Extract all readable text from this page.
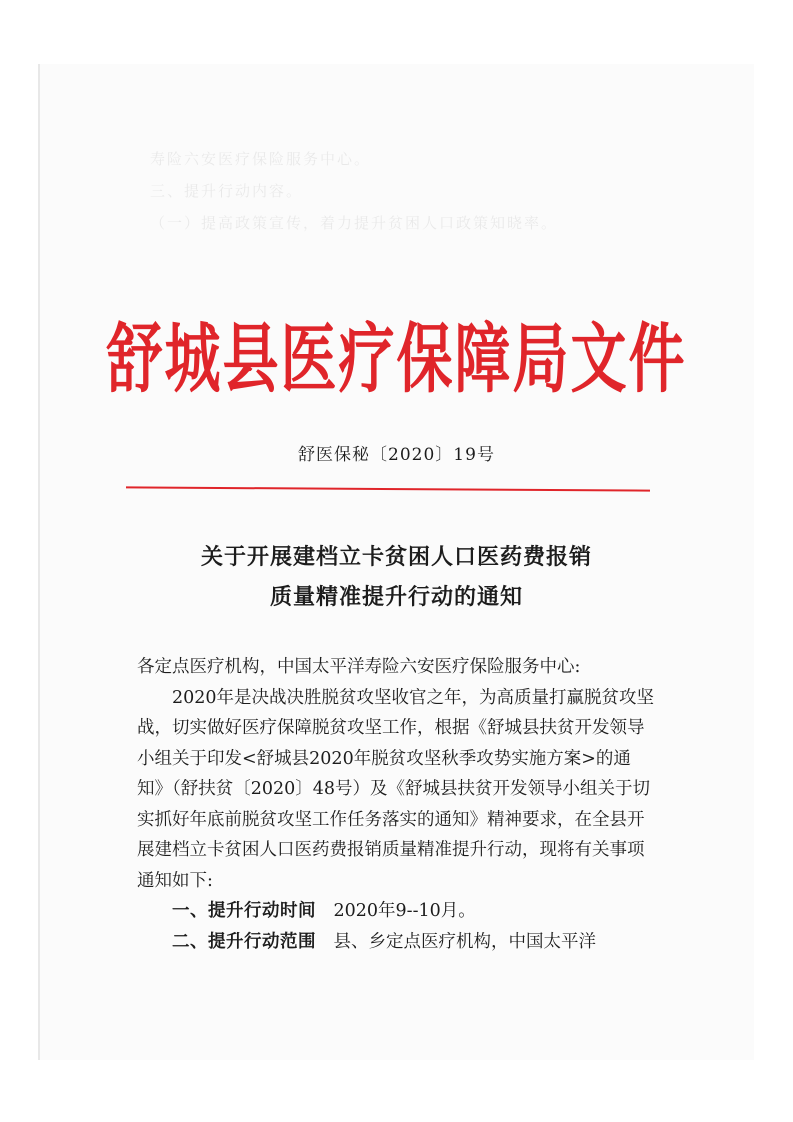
寿险六安医疗保险服务中心。
三、提升行动内容。
（一）提高政策宣传，着力提升贫困人口政策知晓率。
舒城县医疗保障局文件
舒医保秘〔2020〕19号
关于开展建档立卡贫困人口医药费报销
质量精准提升行动的通知

各定点医疗机构，中国太平洋寿险六安医疗保险服务中心:

2020年是决战决胜脱贫攻坚收官之年，为高质量打赢脱贫攻坚战，切实做好医疗保障脱贫攻坚工作，根据《舒城县扶贫开发领导小组关于印发<舒城县2020年脱贫攻坚秋季攻势实施方案>的通知》（舒扶贫〔2020〕48号）及《舒城县扶贫开发领导小组关于切实抓好年底前脱贫攻坚工作任务落实的通知》精神要求，在全县开展建档立卡贫困人口医药费报销质量精准提升行动，现将有关事项通知如下:

一、提升行动时间 2020年9--10月。

二、提升行动范围 县、乡定点医疗机构，中国太平洋
